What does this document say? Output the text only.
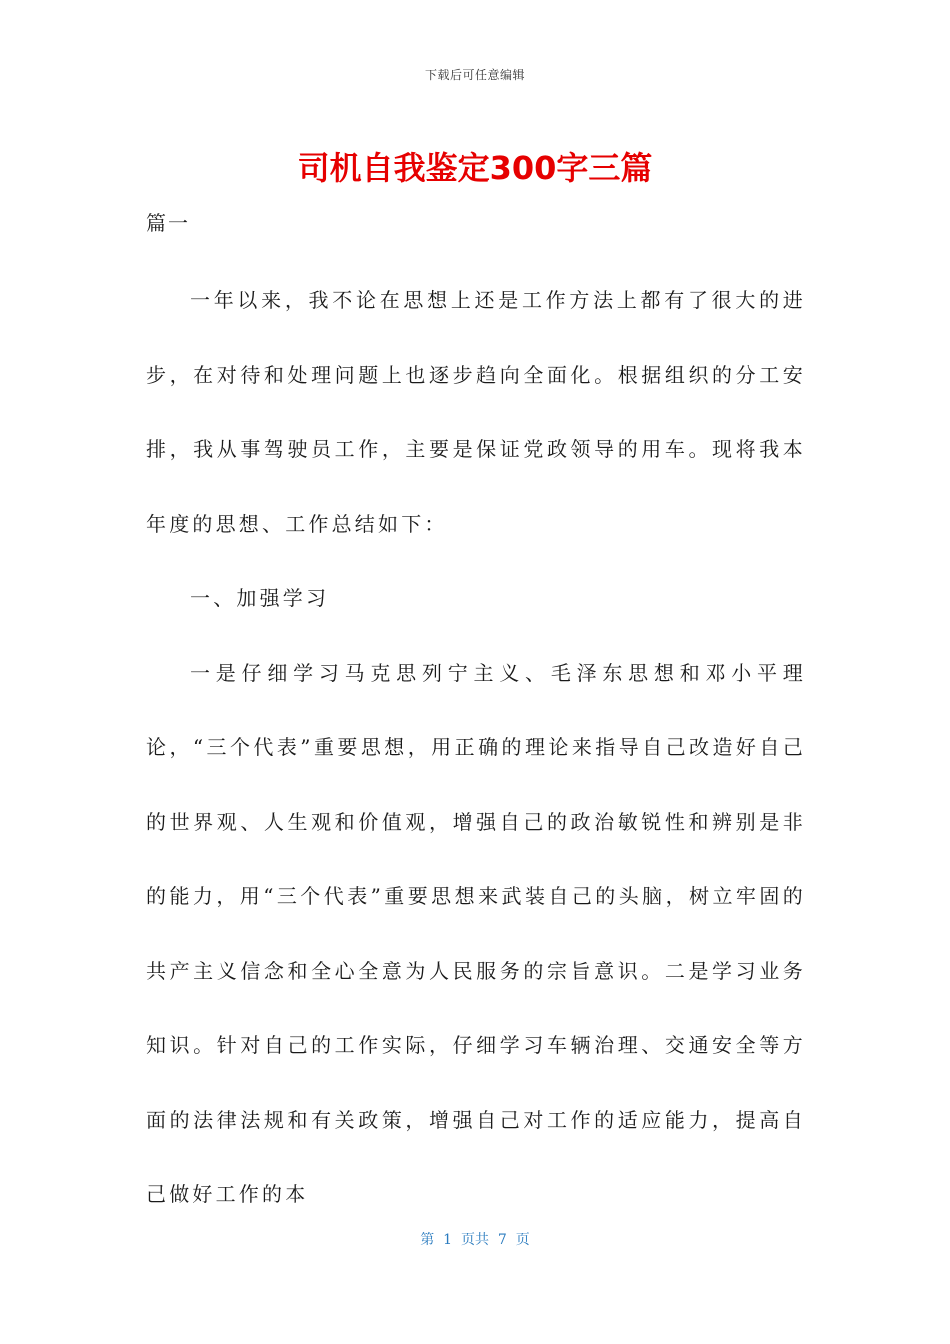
下载后可任意编辑
司机自我鉴定300字三篇
篇一

一年以来，我不论在思想上还是工作方法上都有了很大的进步，在对待和处理问题上也逐步趋向全面化。根据组织的分工安排，我从事驾驶员工作，主要是保证党政领导的用车。现将我本年度的思想、工作总结如下：

一、加强学习

一是仔细学习马克思列宁主义、毛泽东思想和邓小平理论，“三个代表”重要思想，用正确的理论来指导自己改造好自己的世界观、人生观和价值观，增强自己的政治敏锐性和辨别是非的能力，用“三个代表”重要思想来武装自己的头脑，树立牢固的共产主义信念和全心全意为人民服务的宗旨意识。二是学习业务知识。针对自己的工作实际，仔细学习车辆治理、交通安全等方面的法律法规和有关政策，增强自己对工作的适应能力，提高自己做好工作的本

第  1  页共  7  页
